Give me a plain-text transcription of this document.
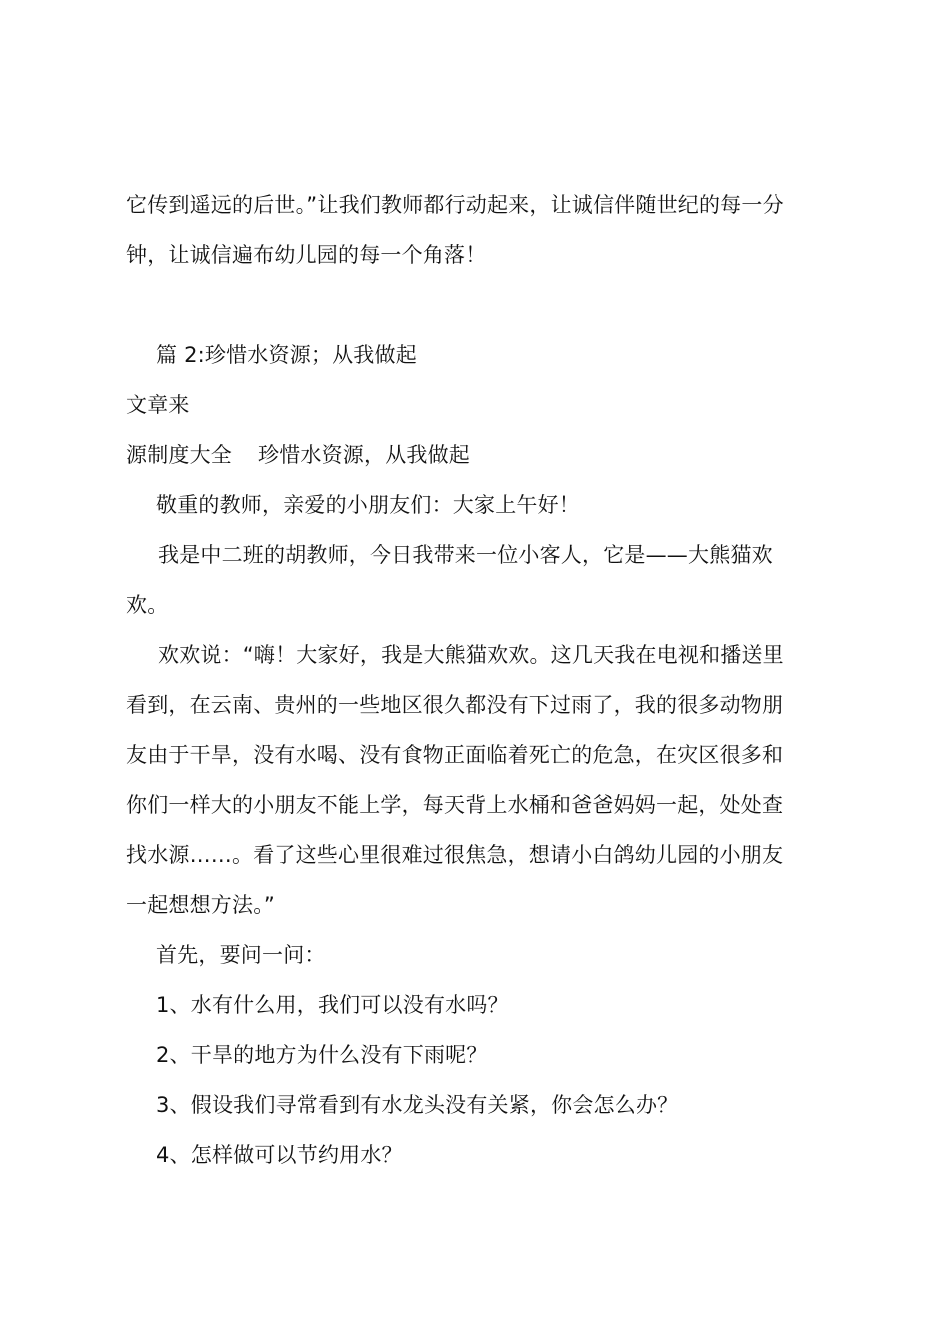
它传到遥远的后世。”让我们教师都行动起来，让诚信伴随世纪的每一分
钟，让诚信遍布幼儿园的每一个角落！
篇 2:珍惜水资源；从我做起
文章来
源制度大全 珍惜水资源，从我做起
敬重的教师，亲爱的小朋友们：大家上午好！
我是中二班的胡教师，今日我带来一位小客人，它是——大熊猫欢
欢。
欢欢说：“嗨！大家好，我是大熊猫欢欢。这几天我在电视和播送里
看到，在云南、贵州的一些地区很久都没有下过雨了，我的很多动物朋
友由于干旱，没有水喝、没有食物正面临着死亡的危急，在灾区很多和
你们一样大的小朋友不能上学，每天背上水桶和爸爸妈妈一起，处处查
找水源……。看了这些心里很难过很焦急，想请小白鸽幼儿园的小朋友
一起想想方法。”
首先，要问一问：
1、水有什么用，我们可以没有水吗？
2、干旱的地方为什么没有下雨呢？
3、假设我们寻常看到有水龙头没有关紧，你会怎么办？
4、怎样做可以节约用水？
